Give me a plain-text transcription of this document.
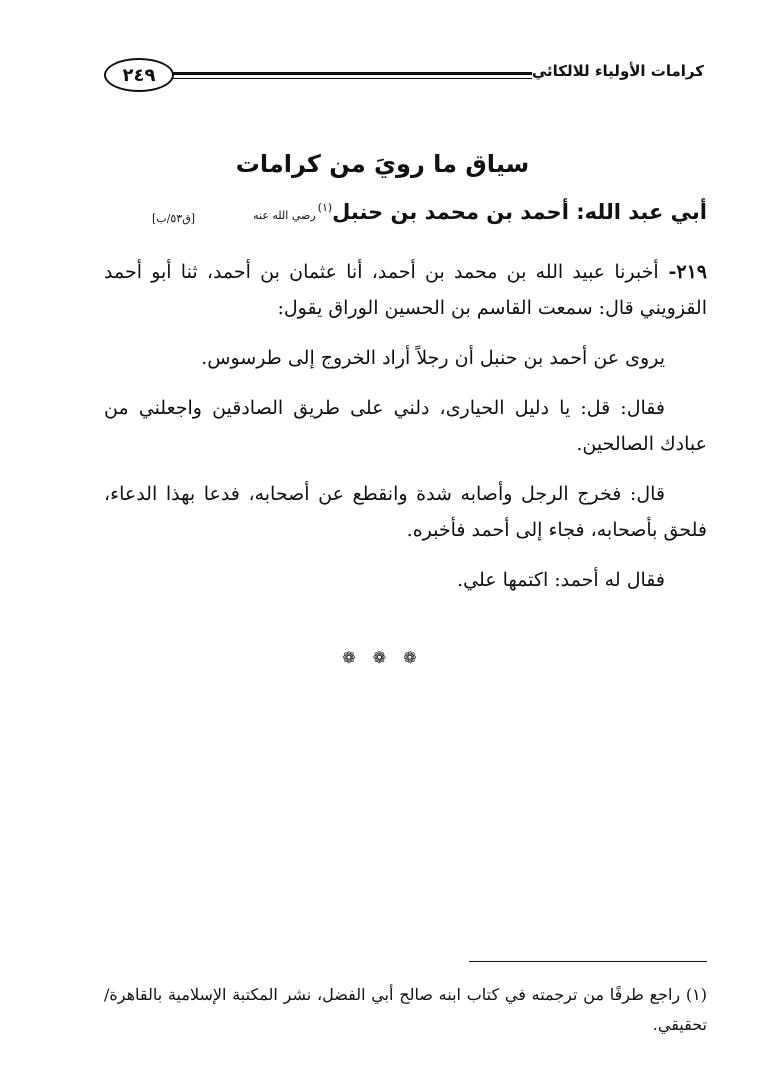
كرامات الأولياء للالكائي
٢٤٩
سياق ما رويَ من كرامات
أبي عبد الله: أحمد بن محمد بن حنبل$^{(١)}$رضي الله عنه
[ق٥٣/ب]

٢١٩- أخبرنا عبيد الله بن محمد بن أحمد، أنا عثمان بن أحمد، ثنا أبو أحمد القزويني قال: سمعت القاسم بن الحسين الوراق يقول:

يروى عن أحمد بن حنبل أن رجلاً أراد الخروج إلى طرسوس.

فقال: قل: يا دليل الحيارى، دلني على طريق الصادقين واجعلني من عبادك الصالحين.

قال: فخرج الرجل وأصابه شدة وانقطع عن أصحابه، فدعا بهذا الدعاء، فلحق بأصحابه، فجاء إلى أحمد فأخبره.

فقال له أحمد: اكتمها علي.

❁ ❁ ❁
(١) راجع طرفًا من ترجمته في كتاب ابنه صالح أبي الفضل، نشر المكتبة الإسلامية بالقاهرة/ تحقيقي.
